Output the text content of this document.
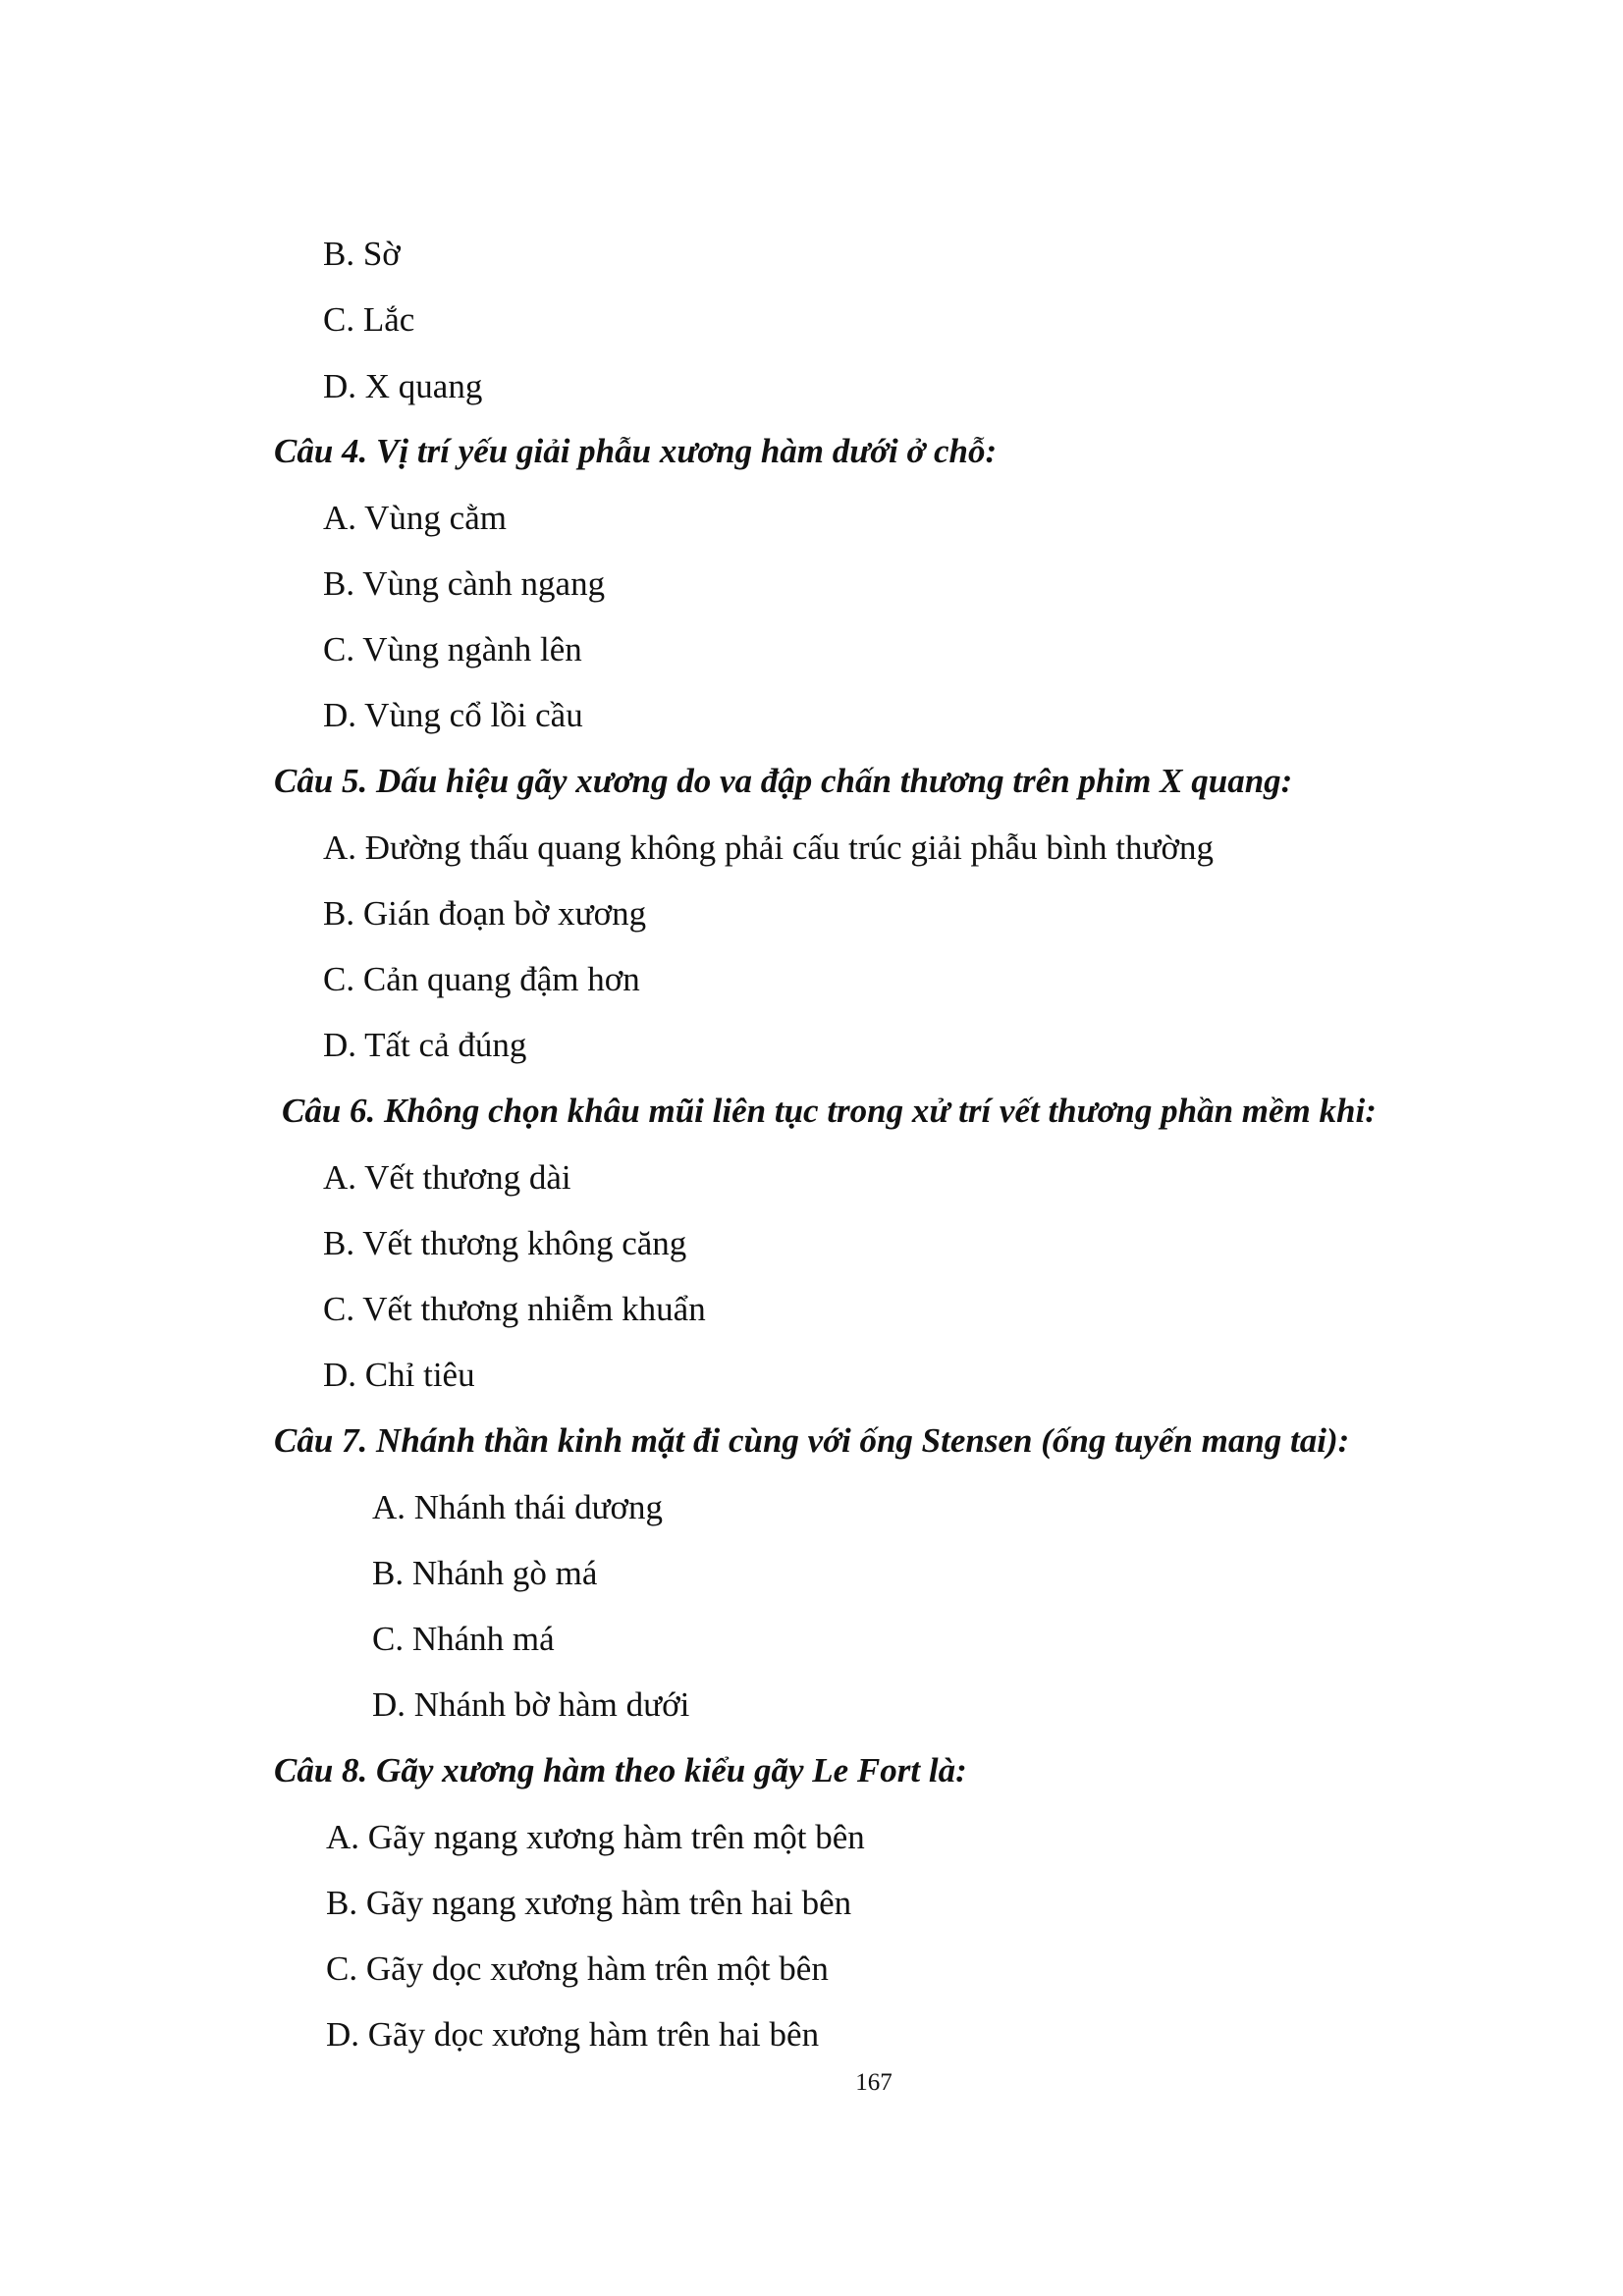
B. Sờ
C. Lắc
D. X quang
Câu 4. Vị trí yếu giải phẫu xương hàm dưới ở chỗ:
A. Vùng cằm
B. Vùng cành ngang
C. Vùng ngành lên
D. Vùng cổ lồi cầu
Câu 5. Dấu hiệu gãy xương do va đập chấn thương trên phim X quang:
A. Đường thấu quang không phải cấu trúc giải phẫu bình thường
B. Gián đoạn bờ xương
C. Cản quang đậm hơn
D. Tất cả đúng
Câu 6. Không chọn khâu mũi liên tục trong xử trí vết thương phần mềm khi:
A. Vết thương dài
B. Vết thương không căng
C. Vết thương nhiễm khuẩn
D. Chỉ tiêu
Câu 7. Nhánh thần kinh mặt đi cùng với ống Stensen (ống tuyến mang tai):
A. Nhánh thái dương
B. Nhánh gò má
C. Nhánh má
D. Nhánh bờ hàm dưới
Câu 8. Gãy xương hàm theo kiểu gãy Le Fort là:
A. Gãy ngang xương hàm trên một bên
B. Gãy ngang xương hàm trên hai bên
C. Gãy dọc xương hàm trên một bên
D. Gãy dọc xương hàm trên hai bên
167
